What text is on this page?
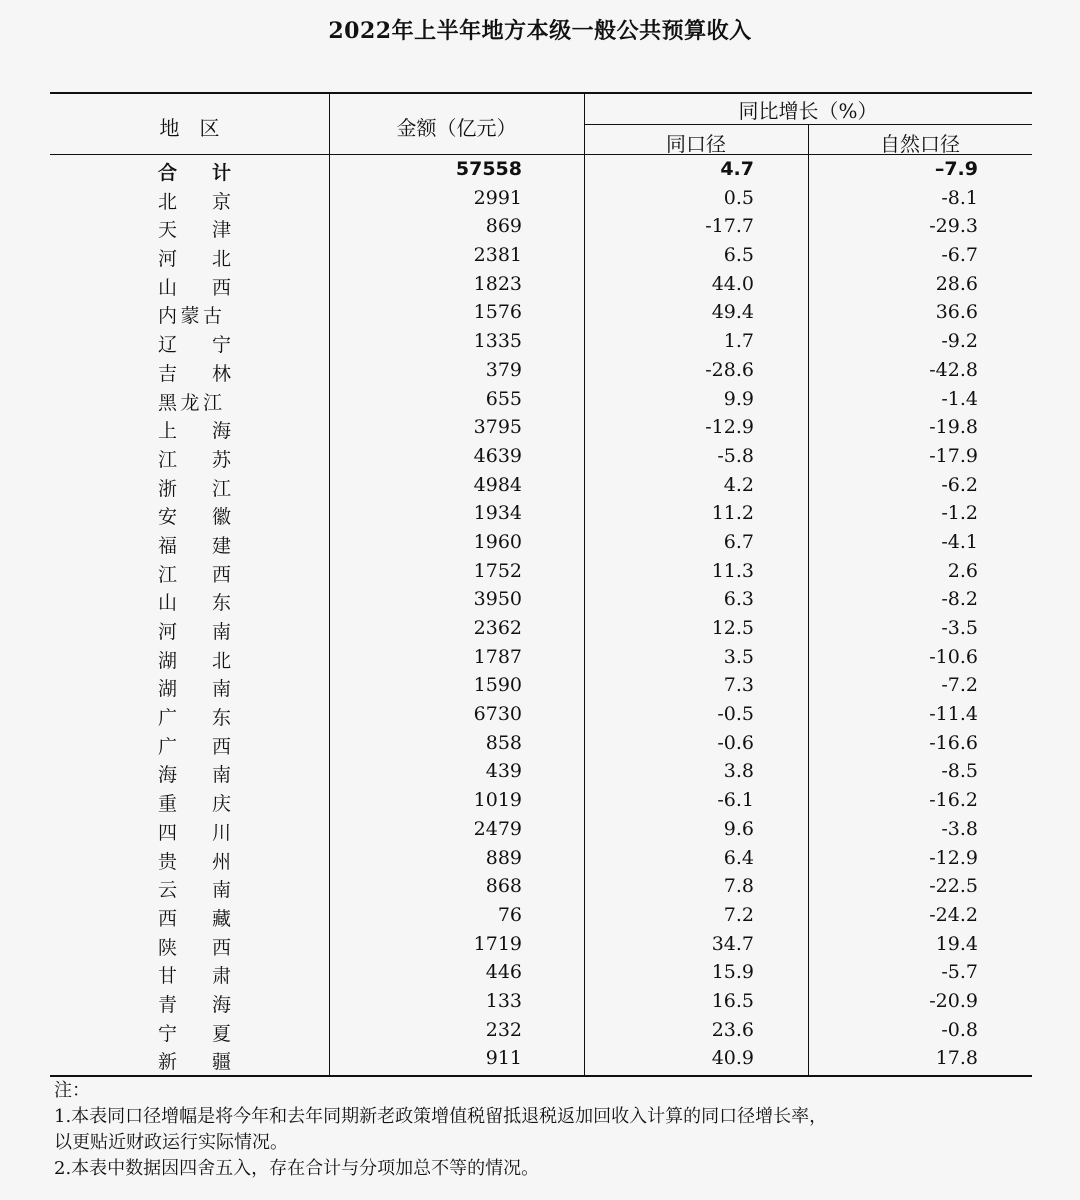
2022年上半年地方本级一般公共预算收入
地区	金额（亿元）
同比增长（%）
同口径	自然口径
合　计	57558	4.7	–7.9
北　京	2991	0.5	-8.1
天　津	869	-17.7	-29.3
河　北	2381	6.5	-6.7
山　西	1823	44.0	28.6
内蒙古	1576	49.4	36.6
辽　宁	1335	1.7	-9.2
吉　林	379	-28.6	-42.8
黑龙江	655	9.9	-1.4
上　海	3795	-12.9	-19.8
江　苏	4639	-5.8	-17.9
浙　江	4984	4.2	-6.2
安　徽	1934	11.2	-1.2
福　建	1960	6.7	-4.1
江　西	1752	11.3	2.6
山　东	3950	6.3	-8.2
河　南	2362	12.5	-3.5
湖　北	1787	3.5	-10.6
湖　南	1590	7.3	-7.2
广　东	6730	-0.5	-11.4
广　西	858	-0.6	-16.6
海　南	439	3.8	-8.5
重　庆	1019	-6.1	-16.2
四　川	2479	9.6	-3.8
贵　州	889	6.4	-12.9
云　南	868	7.8	-22.5
西　藏	76	7.2	-24.2
陕　西	1719	34.7	19.4
甘　肃	446	15.9	-5.7
青　海	133	16.5	-20.9
宁　夏	232	23.6	-0.8
新　疆	911	40.9	17.8
注：
1.本表同口径增幅是将今年和去年同期新老政策增值税留抵退税返加回收入计算的同口径增长率，
以更贴近财政运行实际情况。
2.本表中数据因四舍五入，存在合计与分项加总不等的情况。
